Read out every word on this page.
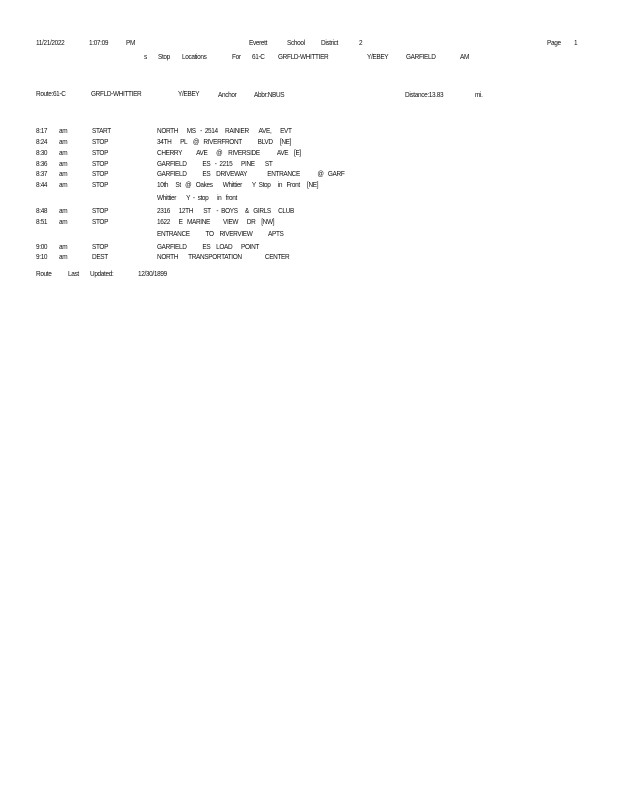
11/21/2022	1:07:09 PM	Everett	School District	2	Page 1
s Stop Locations	For 61-C GRFLD-WHITTIER	Y/EBEY GARFIELD	AM
Route:61-C	GRFLD-WHITTIER	Y/EBEY	Anchor Abbr:NBUS	Distance:13.83	mi.
8:17 am	START	NORTH      MS   -  2514     RAINIER       AVE,      EVT
8:24 am	STOP	34TH      PL    @   RIVERFRONT           BLVD     [NE]
8:30 am	STOP	CHERRY          AVE      @    RIVERSIDE            AVE    [E]
8:36 am	STOP	GARFIELD           ES   -  2215      PINE       ST
8:37 am	STOP	GARFIELD           ES    DRIVEWAY              ENTRANCE            @   GARF
8:44 am	STOP	10th     St   @   Oakes       Whittier       Y  Stop     in   Front     [NE]
Whittier       Y  -  stop      in   front
8:48 am	STOP	2316      12TH       ST    -  BOYS     &   GIRLS     CLUB
8:51 am	STOP	1622      E   MARINE         VIEW      DR    [NW]
ENTRANCE           TO    RIVERVIEW           APTS
9:00 am	STOP	GARFIELD           ES    LOAD      POINT
9:10 am	DEST	NORTH       TRANSPORTATION                CENTER
Route Last Updated:	12/30/1899
